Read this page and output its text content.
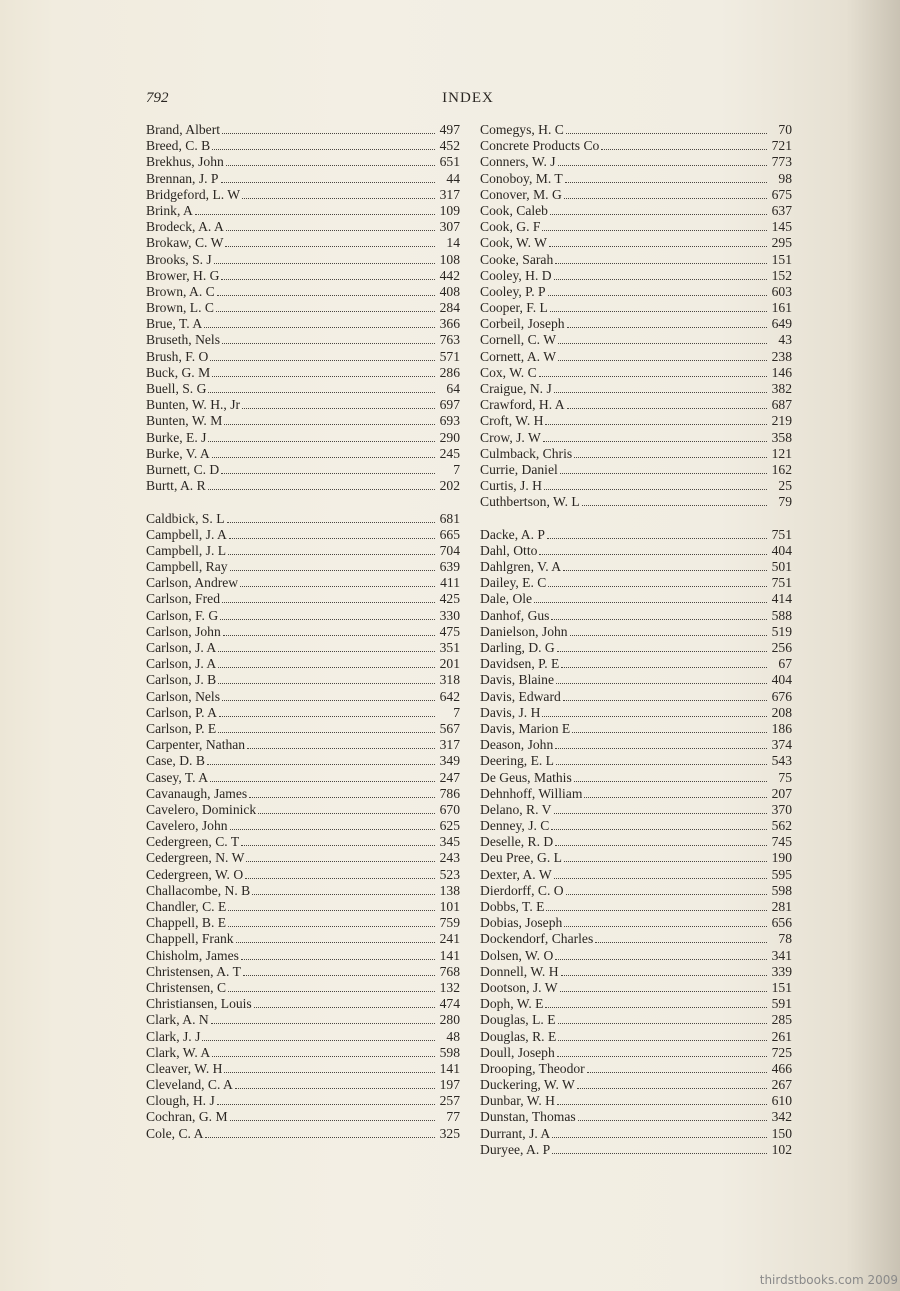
792	INDEX
Brand, Albert	497
Breed, C. B	452
Brekhus, John	651
Brennan, J. P	44
Bridgeford, L. W	317
Brink, A	109
Brodeck, A. A	307
Brokaw, C. W	14
Brooks, S. J	108
Brower, H. G	442
Brown, A. C	408
Brown, L. C	284
Brue, T. A	366
Bruseth, Nels	763
Brush, F. O	571
Buck, G. M	286
Buell, S. G	64
Bunten, W. H., Jr	697
Bunten, W. M	693
Burke, E. J	290
Burke, V. A	245
Burnett, C. D	7
Burtt, A. R	202
Caldbick, S. L	681
Campbell, J. A	665
Campbell, J. L	704
Campbell, Ray	639
Carlson, Andrew	411
Carlson, Fred	425
Carlson, F. G	330
Carlson, John	475
Carlson, J. A	351
Carlson, J. A	201
Carlson, J. B	318
Carlson, Nels	642
Carlson, P. A	7
Carlson, P. E	567
Carpenter, Nathan	317
Case, D. B	349
Casey, T. A	247
Cavanaugh, James	786
Cavelero, Dominick	670
Cavelero, John	625
Cedergreen, C. T	345
Cedergreen, N. W	243
Cedergreen, W. O	523
Challacombe, N. B	138
Chandler, C. E	101
Chappell, B. E	759
Chappell, Frank	241
Chisholm, James	141
Christensen, A. T	768
Christensen, C	132
Christiansen, Louis	474
Clark, A. N	280
Clark, J. J	48
Clark, W. A	598
Cleaver, W. H	141
Cleveland, C. A	197
Clough, H. J	257
Cochran, G. M	77
Cole, C. A	325
Comegys, H. C	70
Concrete Products Co	721
Conners, W. J	773
Conoboy, M. T	98
Conover, M. G	675
Cook, Caleb	637
Cook, G. F	145
Cook, W. W	295
Cooke, Sarah	151
Cooley, H. D	152
Cooley, P. P	603
Cooper, F. L	161
Corbeil, Joseph	649
Cornell, C. W	43
Cornett, A. W	238
Cox, W. C	146
Craigue, N. J	382
Crawford, H. A	687
Croft, W. H	219
Crow, J. W	358
Culmback, Chris	121
Currie, Daniel	162
Curtis, J. H	25
Cuthbertson, W. L	79
Dacke, A. P	751
Dahl, Otto	404
Dahlgren, V. A	501
Dailey, E. C	751
Dale, Ole	414
Danhof, Gus	588
Danielson, John	519
Darling, D. G	256
Davidsen, P. E	67
Davis, Blaine	404
Davis, Edward	676
Davis, J. H	208
Davis, Marion E	186
Deason, John	374
Deering, E. L	543
De Geus, Mathis	75
Dehnhoff, William	207
Delano, R. V	370
Denney, J. C	562
Deselle, R. D	745
Deu Pree, G. L	190
Dexter, A. W	595
Dierdorff, C. O	598
Dobbs, T. E	281
Dobias, Joseph	656
Dockendorf, Charles	78
Dolsen, W. O	341
Donnell, W. H	339
Dootson, J. W	151
Doph, W. E	591
Douglas, L. E	285
Douglas, R. E	261
Doull, Joseph	725
Drooping, Theodor	466
Duckering, W. W	267
Dunbar, W. H	610
Dunstan, Thomas	342
Durrant, J. A	150
Duryee, A. P	102
thirdstbooks.com 2009
